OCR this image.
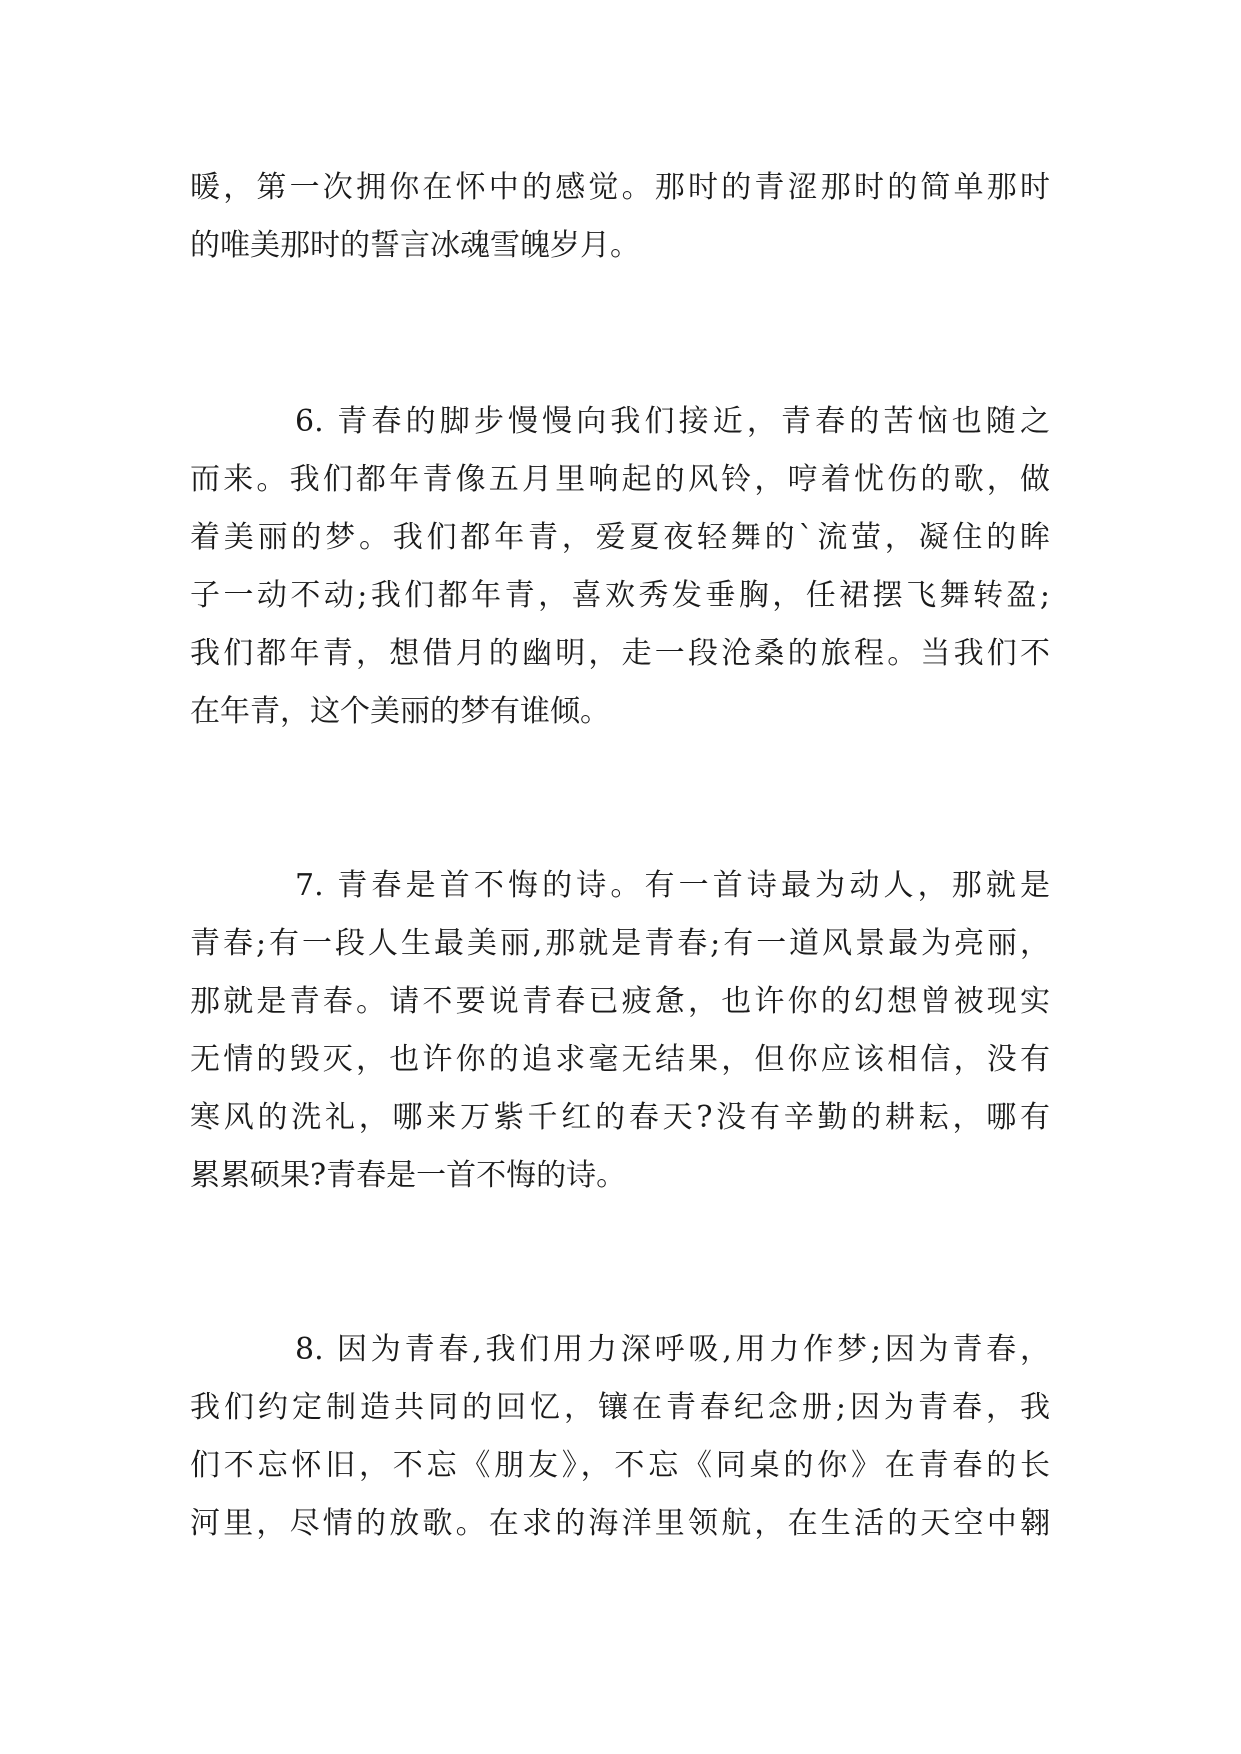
暖，第一次拥你在怀中的感觉。那时的青涩那时的简单那时
的唯美那时的誓言冰魂雪魄岁月。
6. 青春的脚步慢慢向我们接近，青春的苦恼也随之
而来。我们都年青像五月里响起的风铃，哼着忧伤的歌，做
着美丽的梦。我们都年青，爱夏夜轻舞的`流萤，凝住的眸
子一动不动;我们都年青，喜欢秀发垂胸，任裙摆飞舞转盈;
我们都年青，想借月的幽明，走一段沧桑的旅程。当我们不
在年青，这个美丽的梦有谁倾。
7. 青春是首不悔的诗。有一首诗最为动人，那就是
青春;有一段人生最美丽,那就是青春;有一道风景最为亮丽，
那就是青春。请不要说青春已疲惫，也许你的幻想曾被现实
无情的毁灭，也许你的追求毫无结果，但你应该相信，没有
寒风的洗礼，哪来万紫千红的春天?没有辛勤的耕耘，哪有
累累硕果?青春是一首不悔的诗。
8. 因为青春,我们用力深呼吸,用力作梦;因为青春，
我们约定制造共同的回忆，镶在青春纪念册;因为青春，我
们不忘怀旧，不忘《朋友》，不忘《同桌的你》在青春的长
河里，尽情的放歌。在求的海洋里领航，在生活的天空中翱
